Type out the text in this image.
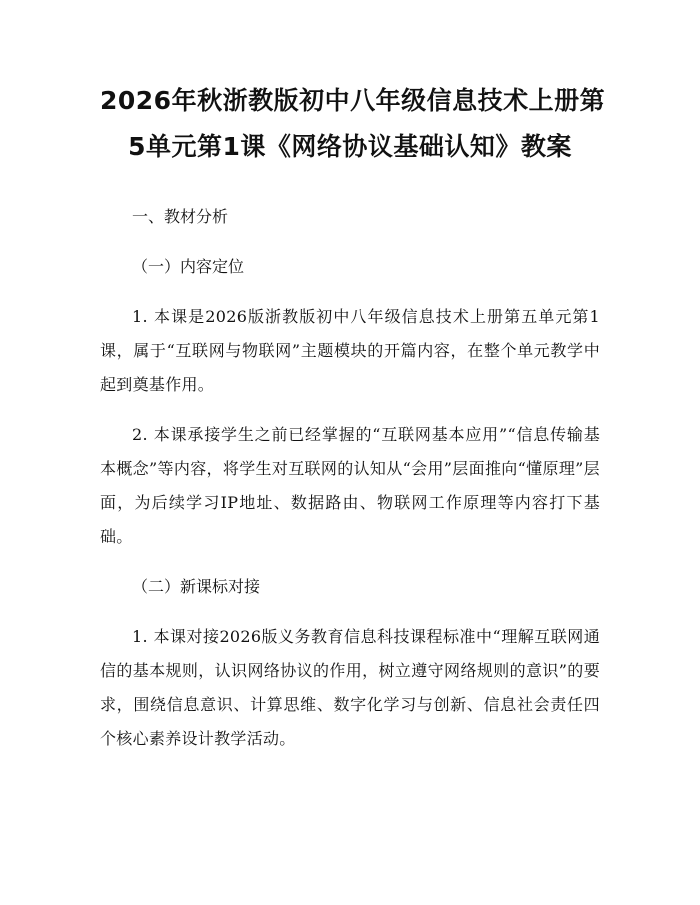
2026年秋浙教版初中八年级信息技术上册第
5单元第1课《网络协议基础认知》教案

一、教材分析

（一）内容定位

1. 本课是2026版浙教版初中八年级信息技术上册第五单元第1课，属于“互联网与物联网”主题模块的开篇内容，在整个单元教学中起到奠基作用。

2. 本课承接学生之前已经掌握的“互联网基本应用”“信息传输基本概念”等内容，将学生对互联网的认知从“会用”层面推向“懂原理”层面，为后续学习IP地址、数据路由、物联网工作原理等内容打下基础。

（二）新课标对接

1. 本课对接2026版义务教育信息科技课程标准中“理解互联网通信的基本规则，认识网络协议的作用，树立遵守网络规则的意识”的要求，围绕信息意识、计算思维、数字化学习与创新、信息社会责任四个核心素养设计教学活动。
